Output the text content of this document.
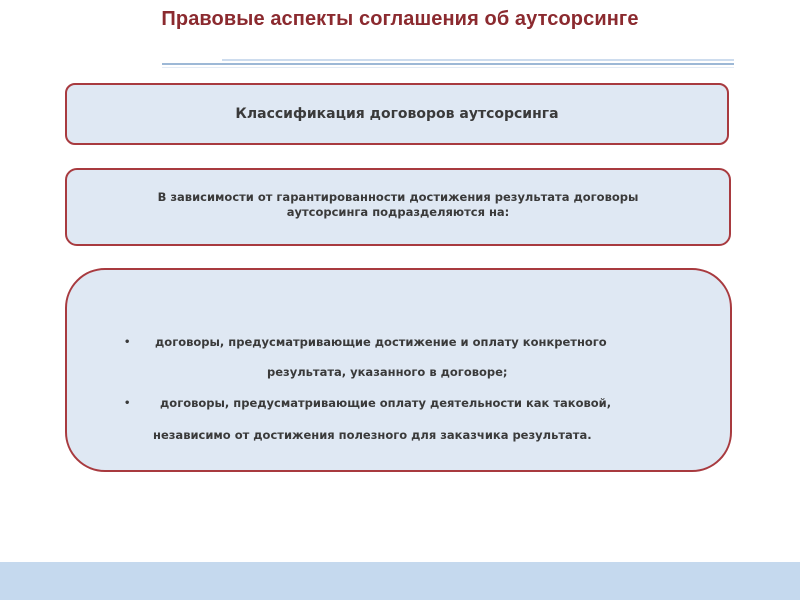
Правовые аспекты соглашения об аутсорсинге
Классификация договоров аутсорсинга
В зависимости от гарантированности достижения результата договоры
аутсорсинга подразделяются на:
• договоры, предусматривающие достижение и оплату конкретного
результата, указанного в договоре;
•	договоры, предусматривающие оплату деятельности как таковой,
независимо от достижения полезного для заказчика результата.
